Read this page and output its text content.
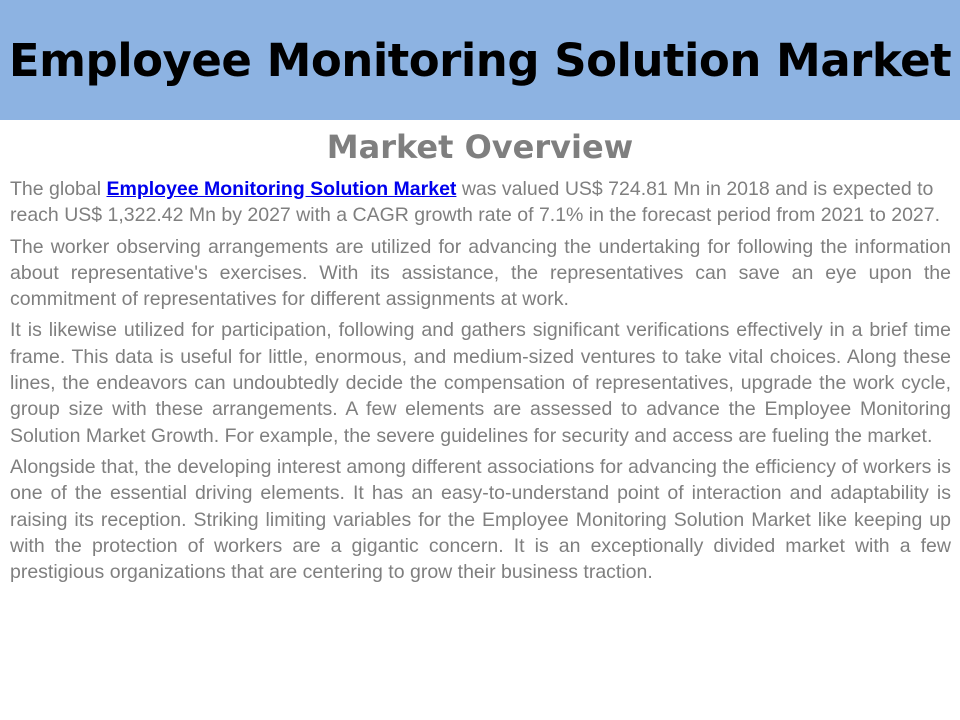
Employee Monitoring Solution Market
Market Overview

The global Employee Monitoring Solution Market was valued US$ 724.81 Mn in 2018 and is expected to reach US$ 1,322.42 Mn by 2027 with a CAGR growth rate of 7.1% in the forecast period from 2021 to 2027.

The worker observing arrangements are utilized for advancing the undertaking for following the information about representative's exercises. With its assistance, the representatives can save an eye upon the commitment of representatives for different assignments at work.

It is likewise utilized for participation, following and gathers significant verifications effectively in a brief time frame. This data is useful for little, enormous, and medium-sized ventures to take vital choices. Along these lines, the endeavors can undoubtedly decide the compensation of representatives, upgrade the work cycle, group size with these arrangements. A few elements are assessed to advance the Employee Monitoring Solution Market Growth. For example, the severe guidelines for security and access are fueling the market.

Alongside that, the developing interest among different associations for advancing the efficiency of workers is one of the essential driving elements. It has an easy-to-understand point of interaction and adaptability is raising its reception. Striking limiting variables for the Employee Monitoring Solution Market like keeping up with the protection of workers are a gigantic concern. It is an exceptionally divided market with a few prestigious organizations that are centering to grow their business traction.
